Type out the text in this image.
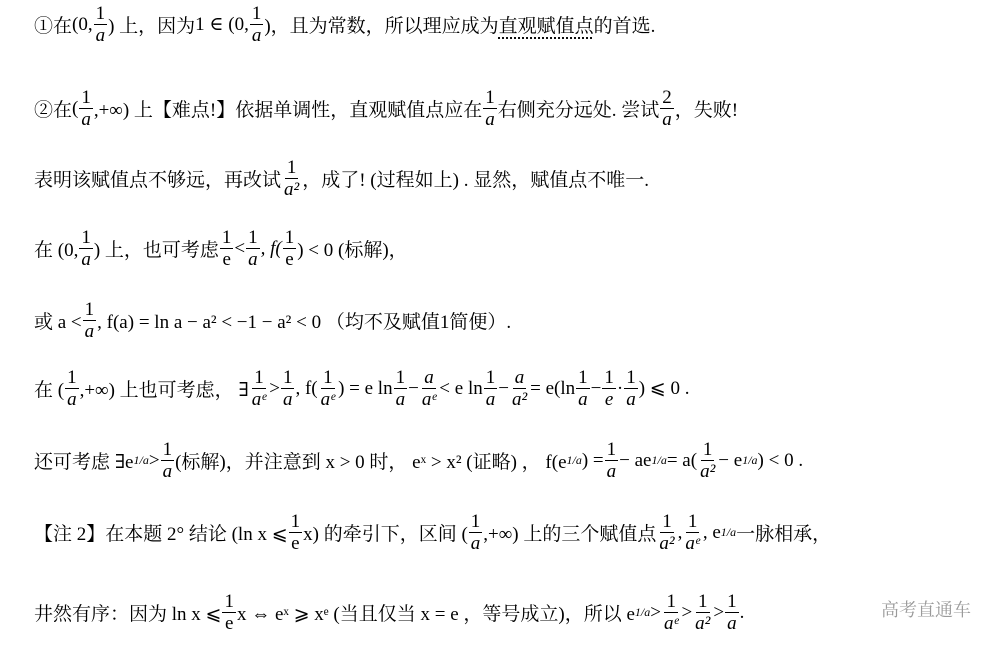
①在 (0, $\frac{1}{a}$ ) 上，因为 1 ∈ (0, $\frac{1}{a}$ )，且为常数，所以理应成为 直观赋值点 的首选.
②在 ( $\frac{1}{a}$ ,+∞) 上【难点!】依据单调性，直观赋值点应在 $\frac{1}{a}$ 右侧充分远处. 尝试 $\frac{2}{a}$ ，失败!
表明该赋值点不够远，再改试 $\frac{1}{\text{a²}}$ ，成了! (过程如上) . 显然，赋值点不唯一.
在 (0, $\frac{1}{a}$ ) 上，也可考虑 $\frac{1}{e} < \frac{1}{a}$ , $f( \frac{1}{e}$ ) < 0 (标解)，
或 $a < \frac{1}{a}$ , f(a) = ln a − a² < −1 − a² < 0 （均不及赋值1简便）.
在 ( $\frac{1}{a}$ ,+∞) 上也可考虑， ∃ $\frac{1}{\text{aᵉ}} > \frac{1}{a}$ , $f( \frac{1}{\text{aᵉ}}$ ) = e $\ln \frac{1}{a} - \frac{a}{\text{aᵉ}} < e$ $\ln \frac{1}{a} - \frac{a}{\text{a²}} = e(\ln \frac{1}{a} - \frac{1}{e} \cdot \frac{1}{a}$ ) ⩽ 0 .
还可考虑 ∃e $1/a > \frac{1}{a}$ (标解)，并注意到 x > 0 时， eˣ > x² (证略) ， f(e 1/a ) = $\frac{1}{a}$ − ae $1/a = a( \frac{1}{\text{a²}} - e$ 1/a ) < 0 .
【注 2】在本题 2° 结论 (ln x ⩽ $\frac{1}{e} x$) 的牵引下，区间 ( $\frac{1}{a}$ ,+∞) 上的三个赋值点 $\frac{1}{\text{a²}}$ , $\frac{1}{\text{aᵉ}}$ , e 1/a 一脉相承，
井然有序：因为 ln x ⩽ $\frac{1}{e}$ x ⇔ eˣ ⩾ xᵉ (当且仅当 x = e ，等号成立)，所以 e $1/a > \frac{1}{\text{aᵉ}} > \frac{1}{\text{a²}} > \frac{1}{a}$ .	高考直通车
